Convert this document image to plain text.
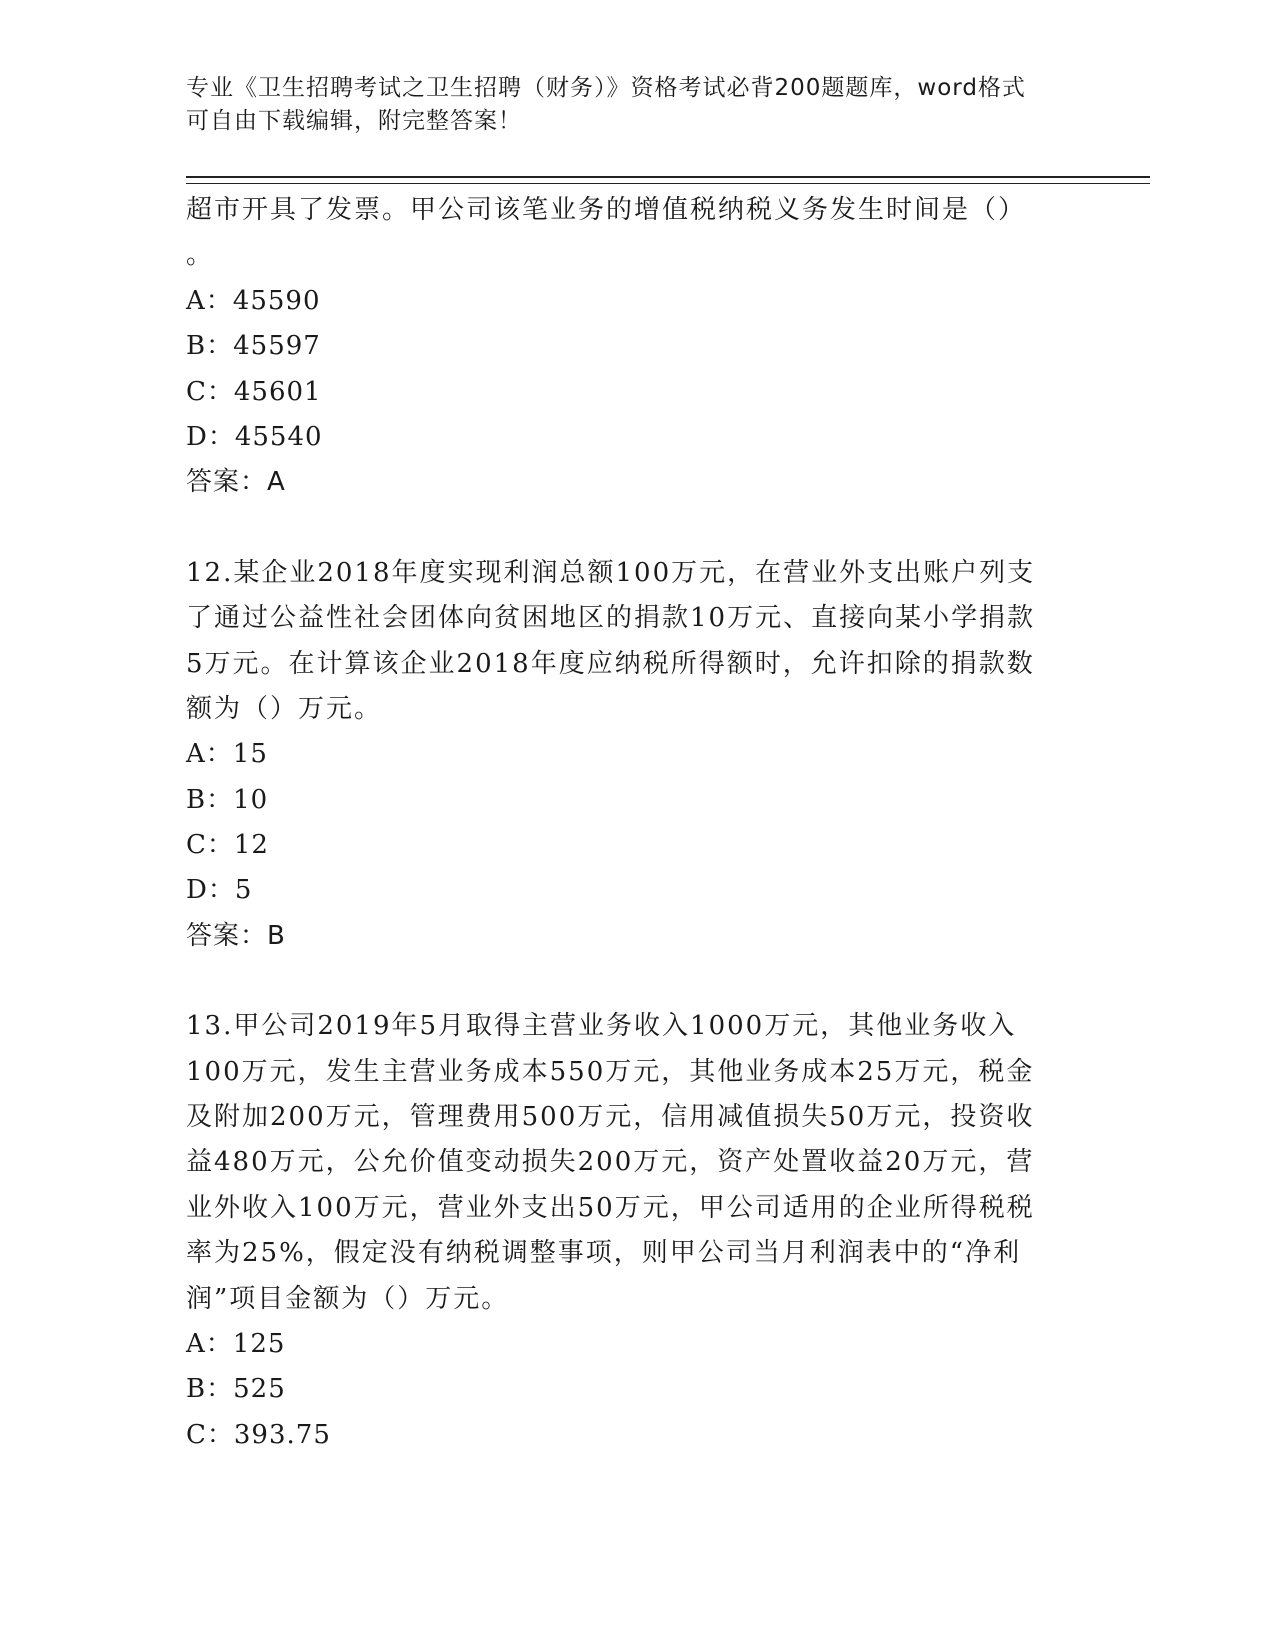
专业《卫生招聘考试之卫生招聘（财务）》资格考试必背200题题库，word格式
可自由下载编辑，附完整答案！
超市开具了发票。甲公司该笔业务的增值税纳税义务发生时间是（）
。
A：45590
B：45597
C：45601
D：45540
答案：A
12.某企业2018年度实现利润总额100万元，在营业外支出账户列支
了通过公益性社会团体向贫困地区的捐款10万元、直接向某小学捐款
5万元。在计算该企业2018年度应纳税所得额时，允许扣除的捐款数
额为（）万元。
A：15
B：10
C：12
D：5
答案：B
13.甲公司2019年5月取得主营业务收入1000万元，其他业务收入
100万元，发生主营业务成本550万元，其他业务成本25万元，税金
及附加200万元，管理费用500万元，信用减值损失50万元，投资收
益480万元，公允价值变动损失200万元，资产处置收益20万元，营
业外收入100万元，营业外支出50万元，甲公司适用的企业所得税税
率为25%，假定没有纳税调整事项，则甲公司当月利润表中的“净利
润”项目金额为（）万元。
A：125
B：525
C：393.75
